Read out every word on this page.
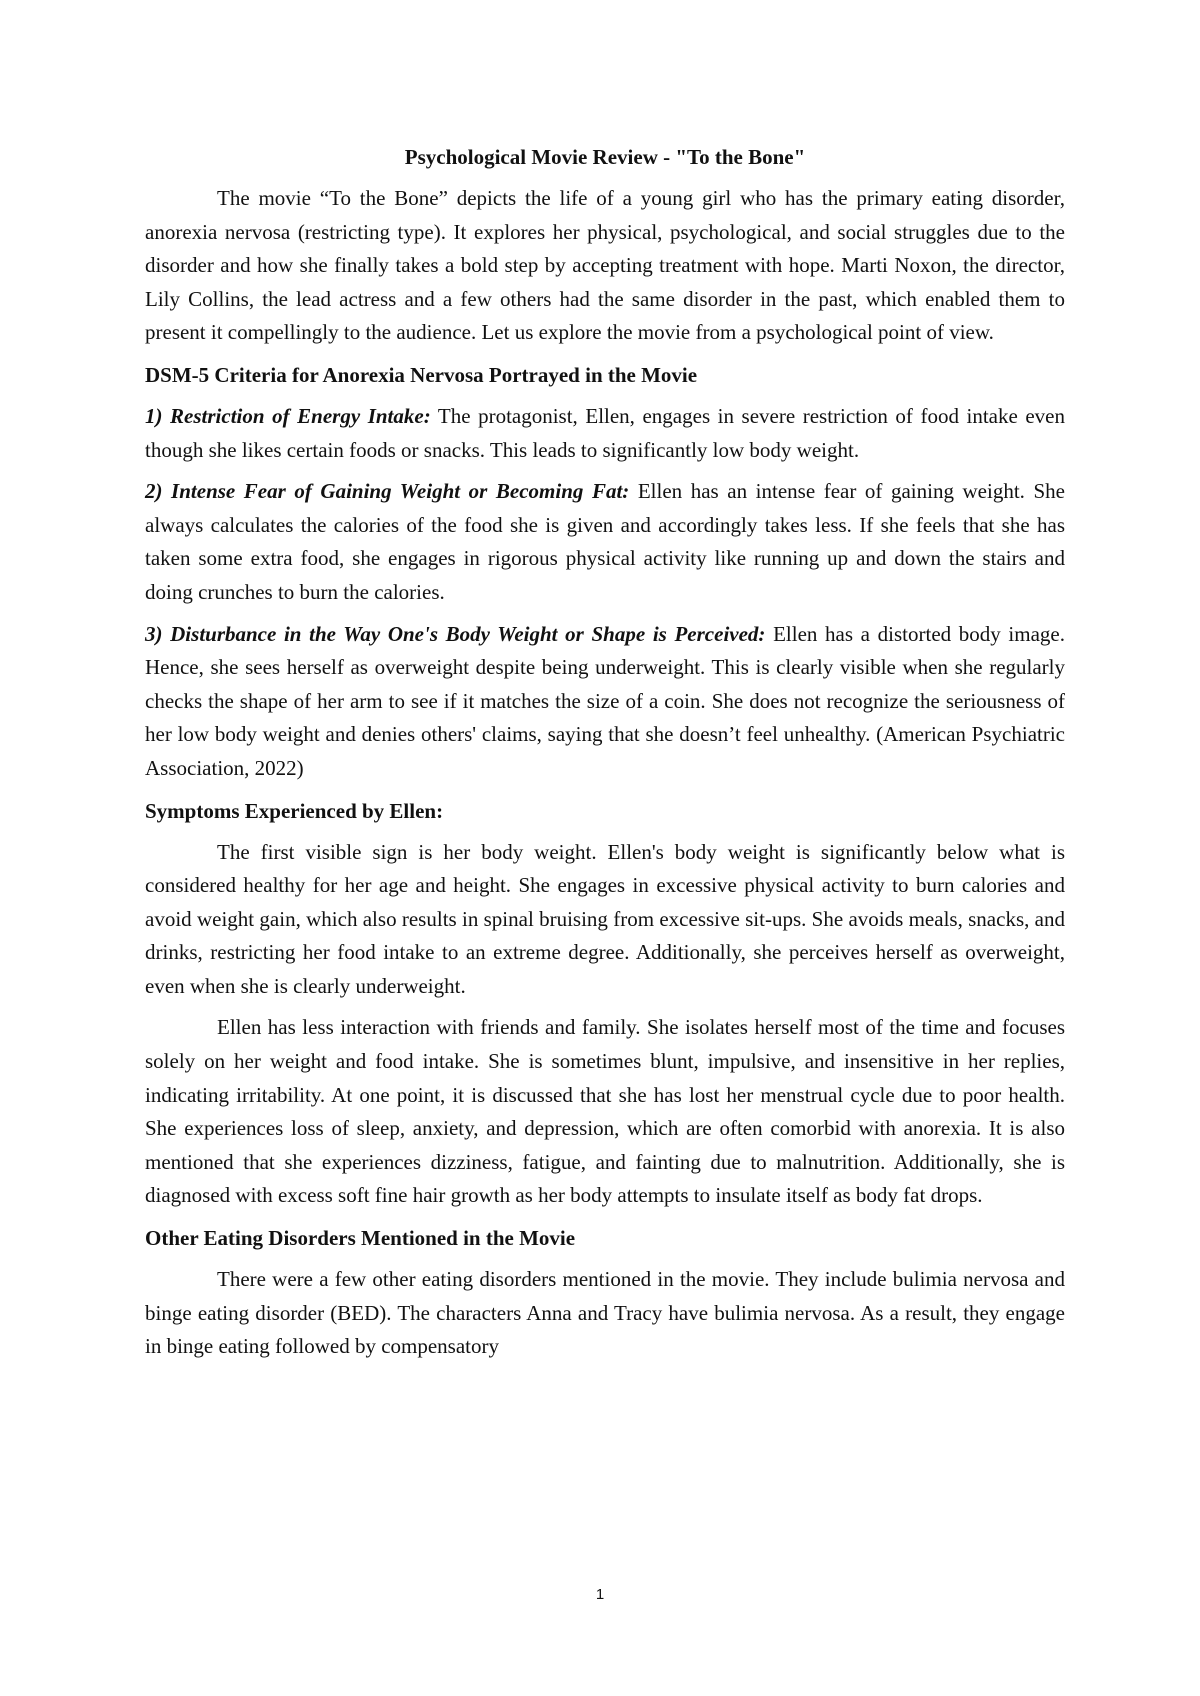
Psychological Movie Review - "To the Bone"

The movie “To the Bone” depicts the life of a young girl who has the primary eating disorder, anorexia nervosa (restricting type). It explores her physical, psychological, and social struggles due to the disorder and how she finally takes a bold step by accepting treatment with hope. Marti Noxon, the director, Lily Collins, the lead actress and a few others had the same disorder in the past, which enabled them to present it compellingly to the audience. Let us explore the movie from a psychological point of view.

DSM-5 Criteria for Anorexia Nervosa Portrayed in the Movie

1) Restriction of Energy Intake: The protagonist, Ellen, engages in severe restriction of food intake even though she likes certain foods or snacks. This leads to significantly low body weight.

2) Intense Fear of Gaining Weight or Becoming Fat: Ellen has an intense fear of gaining weight. She always calculates the calories of the food she is given and accordingly takes less. If she feels that she has taken some extra food, she engages in rigorous physical activity like running up and down the stairs and doing crunches to burn the calories.

3) Disturbance in the Way One's Body Weight or Shape is Perceived: Ellen has a distorted body image. Hence, she sees herself as overweight despite being underweight. This is clearly visible when she regularly checks the shape of her arm to see if it matches the size of a coin. She does not recognize the seriousness of her low body weight and denies others' claims, saying that she doesn’t feel unhealthy. (American Psychiatric Association, 2022)

Symptoms Experienced by Ellen:

The first visible sign is her body weight. Ellen's body weight is significantly below what is considered healthy for her age and height. She engages in excessive physical activity to burn calories and avoid weight gain, which also results in spinal bruising from excessive sit-ups. She avoids meals, snacks, and drinks, restricting her food intake to an extreme degree. Additionally, she perceives herself as overweight, even when she is clearly underweight.

Ellen has less interaction with friends and family. She isolates herself most of the time and focuses solely on her weight and food intake. She is sometimes blunt, impulsive, and insensitive in her replies, indicating irritability. At one point, it is discussed that she has lost her menstrual cycle due to poor health. She experiences loss of sleep, anxiety, and depression, which are often comorbid with anorexia. It is also mentioned that she experiences dizziness, fatigue, and fainting due to malnutrition. Additionally, she is diagnosed with excess soft fine hair growth as her body attempts to insulate itself as body fat drops.

Other Eating Disorders Mentioned in the Movie

There were a few other eating disorders mentioned in the movie. They include bulimia nervosa and binge eating disorder (BED). The characters Anna and Tracy have bulimia nervosa. As a result, they engage in binge eating followed by compensatory

1
